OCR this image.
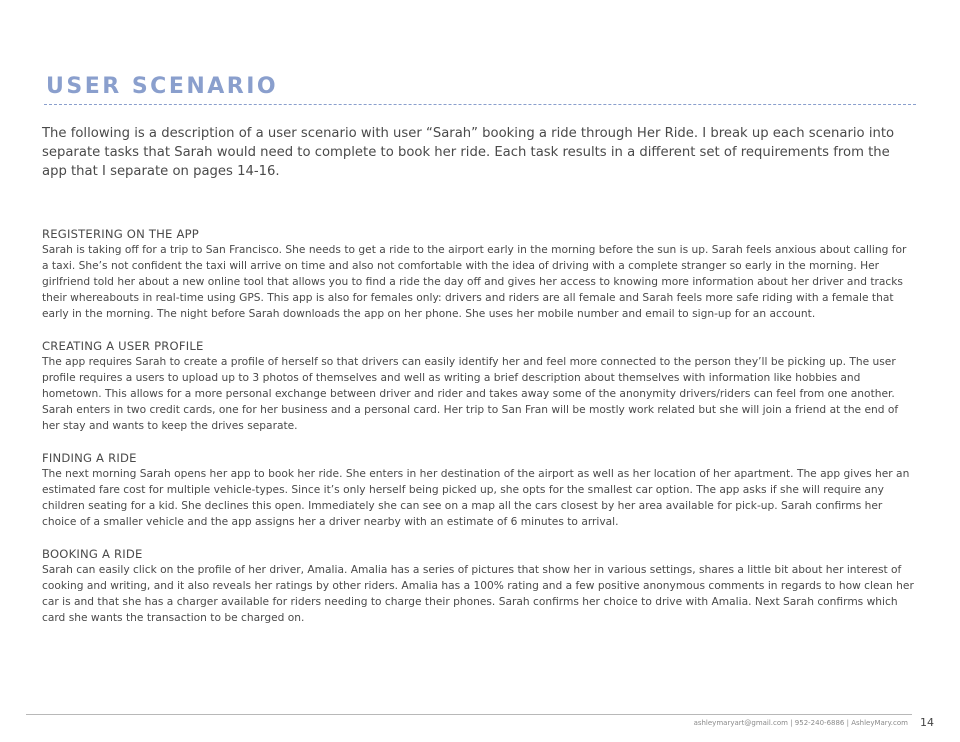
USER SCENARIO

The following is a description of a user scenario with user “Sarah” booking a ride through Her Ride. I break up each scenario into separate tasks that Sarah would need to complete to book her ride. Each task results in a different set of requirements from the app that I separate on pages 14-16.

REGISTERING ON THE APP

Sarah is taking off for a trip to San Francisco. She needs to get a ride to the airport early in the morning before the sun is up. Sarah feels anxious about calling for a taxi. She’s not confident the taxi will arrive on time and also not comfortable with the idea of driving with a complete stranger so early in the morning. Her girlfriend told her about a new online tool that allows you to find a ride the day off and gives her access to knowing more information about her driver and tracks their whereabouts in real-time using GPS. This app is also for females only: drivers and riders are all female and Sarah feels more safe riding with a female that early in the morning. The night before Sarah downloads the app on her phone. She uses her mobile number and email to sign-up for an account.

CREATING A USER PROFILE

The app requires Sarah to create a profile of herself so that drivers can easily identify her and feel more connected to the person they’ll be picking up. The user profile requires a users to upload up to 3 photos of themselves and well as writing a brief description about themselves with information like hobbies and hometown. This allows for a more personal exchange between driver and rider and takes away some of the anonymity drivers/riders can feel from one another. Sarah enters in two credit cards, one for her business and a personal card. Her trip to San Fran will be mostly work related but she will join a friend at the end of her stay and wants to keep the drives separate.

FINDING A RIDE

The next morning Sarah opens her app to book her ride. She enters in her destination of the airport as well as her location of her apartment. The app gives her an estimated fare cost for multiple vehicle-types. Since it’s only herself being picked up, she opts for the smallest car option. The app asks if she will require any children seating for a kid. She declines this open. Immediately she can see on a map all the cars closest by her area available for pick-up. Sarah confirms her choice of a smaller vehicle and the app assigns her a driver nearby with an estimate of 6 minutes to arrival.

BOOKING A RIDE

Sarah can easily click on the profile of her driver, Amalia. Amalia has a series of pictures that show her in various settings, shares a little bit about her interest of cooking and writing, and it also reveals her ratings by other riders. Amalia has a 100% rating and a few positive anonymous comments in regards to how clean her car is and that she has a charger available for riders needing to charge their phones. Sarah confirms her choice to drive with Amalia. Next Sarah confirms which card she wants the transaction to be charged on.

ashleymaryart@gmail.com | 952-240-6886 | AshleyMary.com 14
